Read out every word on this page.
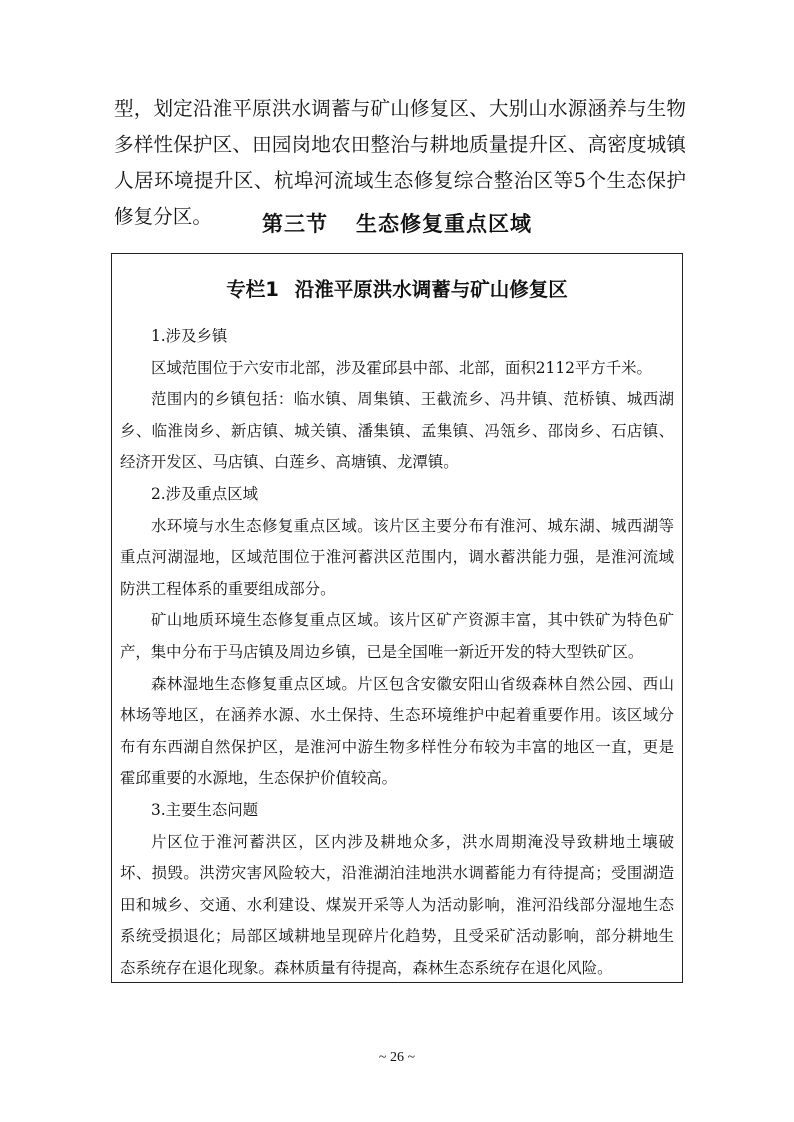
型，划定沿淮平原洪水调蓄与矿山修复区、大别山水源涵养与生物多样性保护区、田园岗地农田整治与耕地质量提升区、高密度城镇人居环境提升区、杭埠河流域生态修复综合整治区等5个生态保护修复分区。	第三节 生态修复重点区域
专栏1 沿淮平原洪水调蓄与矿山修复区

1.涉及乡镇

区域范围位于六安市北部，涉及霍邱县中部、北部，面积2112平方千米。

范围内的乡镇包括：临水镇、周集镇、王截流乡、冯井镇、范桥镇、城西湖乡、临淮岗乡、新店镇、城关镇、潘集镇、孟集镇、冯瓴乡、邵岗乡、石店镇、经济开发区、马店镇、白莲乡、高塘镇、龙潭镇。

2.涉及重点区域

水环境与水生态修复重点区域。该片区主要分布有淮河、城东湖、城西湖等重点河湖湿地，区域范围位于淮河蓄洪区范围内，调水蓄洪能力强，是淮河流域防洪工程体系的重要组成部分。

矿山地质环境生态修复重点区域。该片区矿产资源丰富，其中铁矿为特色矿产，集中分布于马店镇及周边乡镇，已是全国唯一新近开发的特大型铁矿区。

森林湿地生态修复重点区域。片区包含安徽安阳山省级森林自然公园、西山林场等地区，在涵养水源、水土保持、生态环境维护中起着重要作用。该区域分布有东西湖自然保护区，是淮河中游生物多样性分布较为丰富的地区一直，更是霍邱重要的水源地，生态保护价值较高。

3.主要生态问题

片区位于淮河蓄洪区，区内涉及耕地众多，洪水周期淹没导致耕地土壤破坏、损毁。洪涝灾害风险较大，沿淮湖泊洼地洪水调蓄能力有待提高；受围湖造田和城乡、交通、水利建设、煤炭开采等人为活动影响，淮河沿线部分湿地生态系统受损退化；局部区域耕地呈现碎片化趋势，且受采矿活动影响，部分耕地生态系统存在退化现象。森林质量有待提高，森林生态系统存在退化风险。

~ 26 ~
